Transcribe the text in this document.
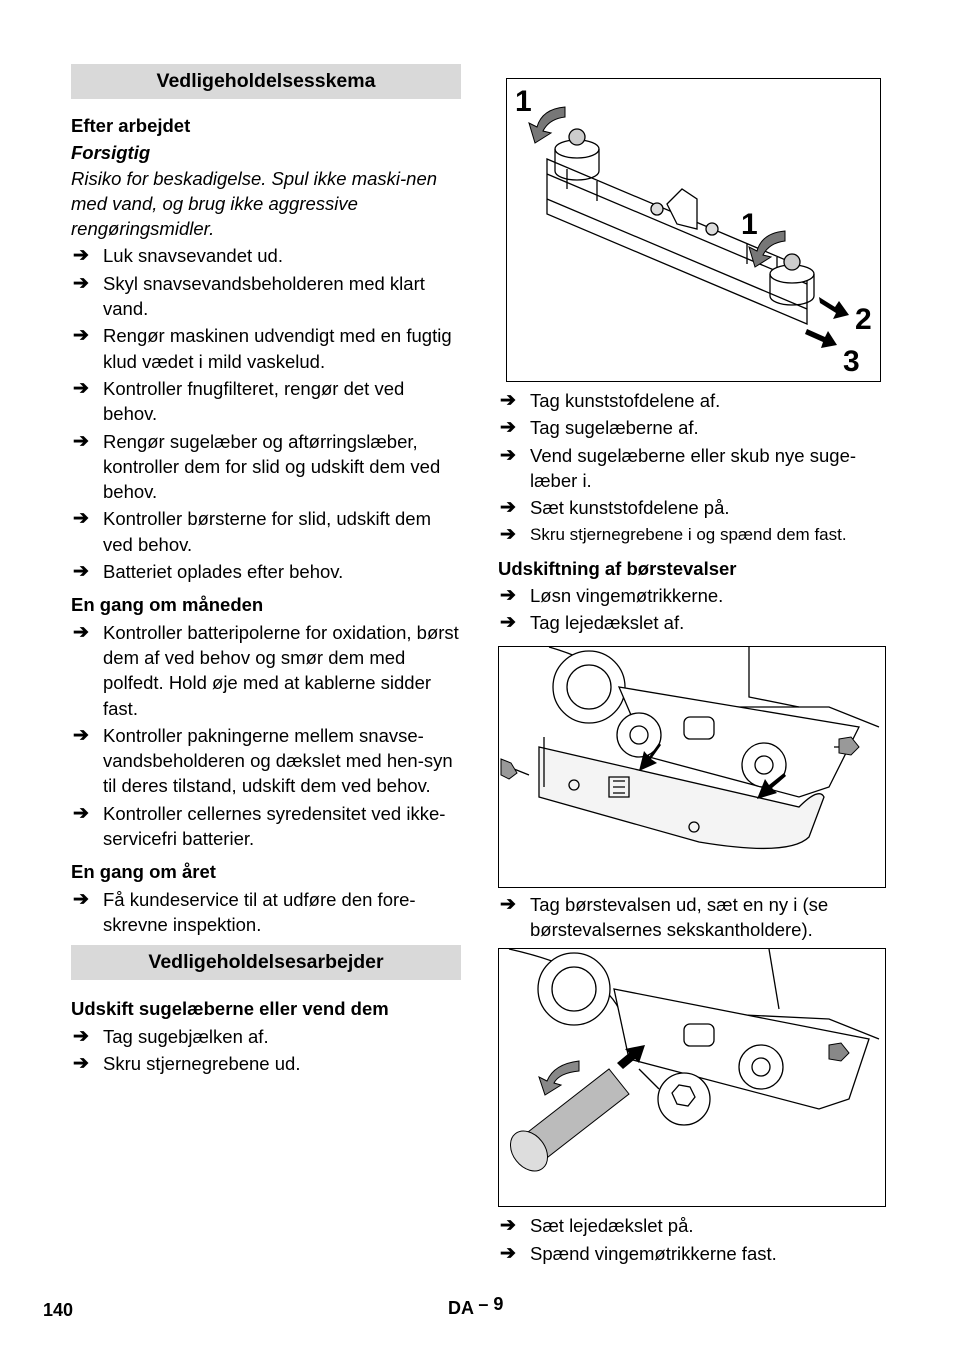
Vedligeholdelsesskema
Efter arbejdet
Forsigtig
Risiko for beskadigelse. Spul ikke maski-nen med vand, og brug ikke aggressive rengøringsmidler.
➔ Luk snavsevandet ud.
➔ Skyl snavsevandsbeholderen med klart vand.
➔ Rengør maskinen udvendigt med en fugtig klud vædet i mild vaskelud.
➔ Kontroller fnugfilteret, rengør det ved behov.
➔ Rengør sugelæber og aftørringslæber, kontroller dem for slid og udskift dem ved behov.
➔ Kontroller børsterne for slid, udskift dem ved behov.
➔ Batteriet oplades efter behov.
En gang om måneden
➔ Kontroller batteripolerne for oxidation, børst dem af ved behov og smør dem med polfedt. Hold øje med at kablerne sidder fast.
➔ Kontroller pakningerne mellem snavse-vandsbeholderen og dækslet med hen-syn til deres tilstand, udskift dem ved behov.
➔ Kontroller cellernes syredensitet ved ikke-servicefri batterier.
En gang om året
➔ Få kundeservice til at udføre den fore-skrevne inspektion.
Vedligeholdelsesarbejder
Udskift sugelæberne eller vend dem
➔ Tag sugebjælken af.
➔ Skru stjernegrebene ud.
1
1
2
3
➔ Tag kunststofdelene af.
➔ Tag sugelæberne af.
➔ Vend sugelæberne eller skub nye suge-læber i.
➔ Sæt kunststofdelene på.
➔ Skru stjernegrebene i og spænd dem fast.
Udskiftning af børstevalser
➔ Løsn vingemøtrikkerne.
➔ Tag lejedækslet af.
➔ Tag børstevalsen ud, sæt en ny i (se børstevalsernes sekskantholdere).
➔ Sæt lejedækslet på.
➔ Spænd vingemøtrikkerne fast.
140	DA – 9
